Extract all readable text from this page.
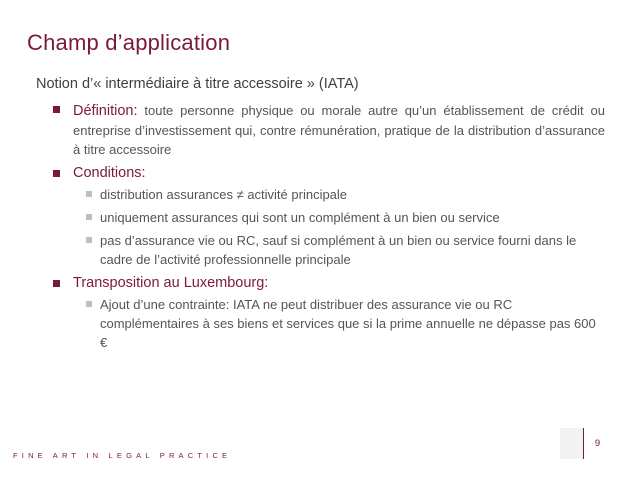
Champ d’application
Notion d’« intermédiaire à titre accessoire » (IATA)
Définition: toute personne physique ou morale autre qu’un établissement de crédit ou entreprise d’investissement qui, contre rémunération, pratique de la distribution d’assurance à titre accessoire
Conditions:
distribution assurances ≠ activité principale
uniquement assurances qui sont un complément à un bien ou service
pas d’assurance vie ou RC, sauf si complément à un bien ou service fourni dans le cadre de l’activité professionnelle principale
Transposition au Luxembourg:
Ajout d’une contrainte: IATA ne peut distribuer des assurance vie ou RC complémentaires à ses biens et services que si la prime annuelle ne dépasse pas 600 €
FINE ART IN LEGAL PRACTICE
9
